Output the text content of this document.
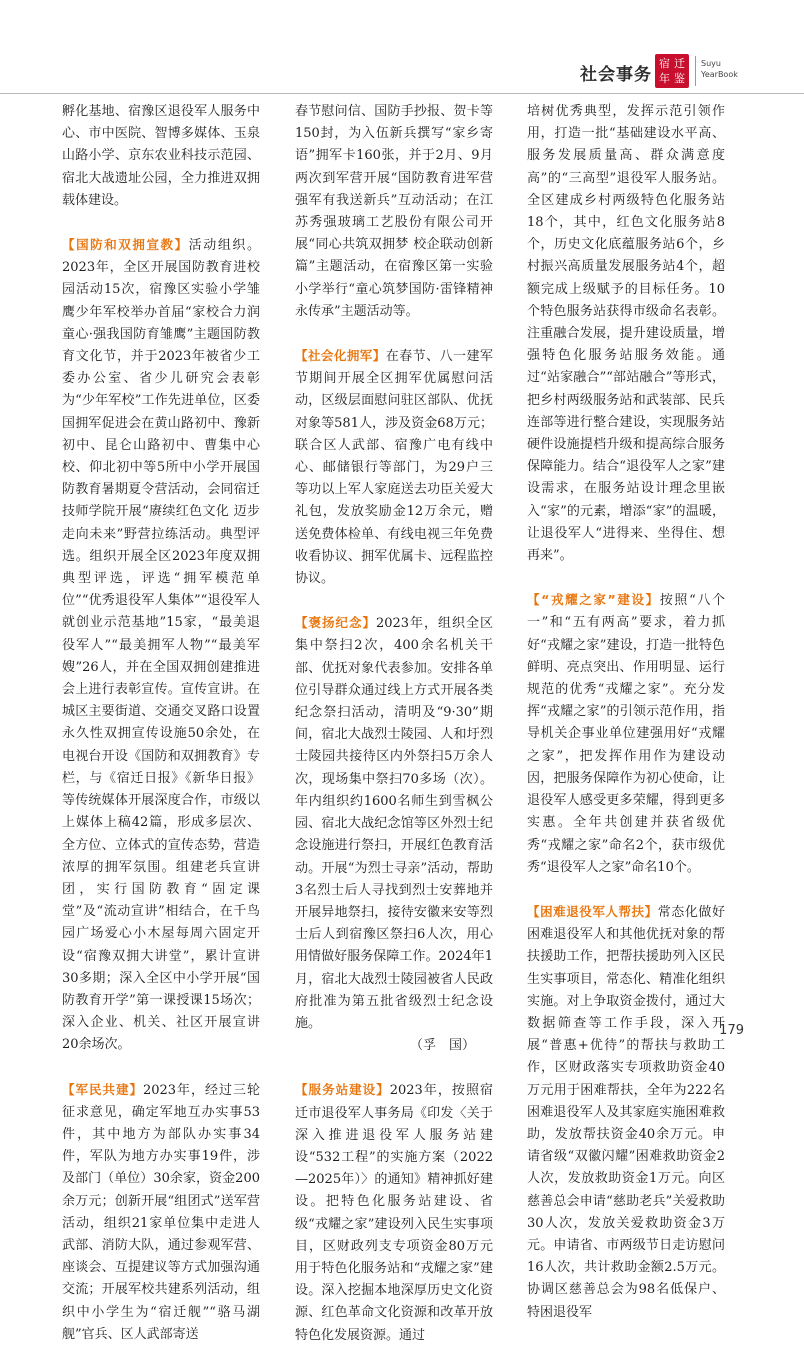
社会事务
宿 迁
年 鉴
Suyu
YearBook

孵化基地、宿豫区退役军人服务中心、市中医院、智博多媒体、玉泉山路小学、京东农业科技示范园、宿北大战遗址公园，全力推进双拥载体建设。

【国防和双拥宣教】活动组织。2023年，全区开展国防教育进校园活动15次，宿豫区实验小学雏鹰少年军校举办首届“家校合力润童心·强我国防育雏鹰”主题国防教育文化节，并于2023年被省少工委办公室、省少儿研究会表彰为“少年军校”工作先进单位，区委国拥军促进会在黄山路初中、豫新初中、昆仑山路初中、曹集中心校、仰北初中等5所中小学开展国防教育暑期夏令营活动，会同宿迁技师学院开展“赓续红色文化 迈步走向未来”野营拉练活动。典型评选。组织开展全区2023年度双拥典型评选，评选“拥军模范单位”“优秀退役军人集体”“退役军人就创业示范基地”15家，“最美退役军人”“最美拥军人物”“最美军嫂”26人，并在全国双拥创建推进会上进行表彰宣传。宣传宣讲。在城区主要街道、交通交叉路口设置永久性双拥宣传设施50余处，在电视台开设《国防和双拥教育》专栏，与《宿迁日报》《新华日报》等传统媒体开展深度合作，市级以上媒体上稿42篇，形成多层次、全方位、立体式的宣传态势，营造浓厚的拥军氛围。组建老兵宣讲团，实行国防教育“固定课堂”及“流动宣讲”相结合，在千鸟园广场爱心小木屋每周六固定开设“宿豫双拥大讲堂”，累计宣讲30多期；深入全区中小学开展“国防教育开学”第一课授课15场次；深入企业、机关、社区开展宣讲20余场次。

【军民共建】2023年，经过三轮征求意见，确定军地互办实事53件，其中地方为部队办实事34件，军队为地方办实事19件，涉及部门（单位）30余家，资金200余万元；创新开展“组团式”送军营活动，组织21家单位集中走进人武部、消防大队，通过参观军营、座谈会、互提建议等方式加强沟通交流；开展军校共建系列活动，组织中小学生为“宿迁舰”“骆马湖舰”官兵、区人武部寄送

春节慰问信、国防手抄报、贺卡等150封，为入伍新兵撰写“家乡寄语”拥军卡160张，并于2月、9月两次到军营开展“国防教育进军营 强军有我送新兵”互动活动；在江苏秀强玻璃工艺股份有限公司开展“同心共筑双拥梦 校企联动创新篇”主题活动，在宿豫区第一实验小学举行“童心筑梦国防·雷锋精神永传承”主题活动等。

【社会化拥军】在春节、八一建军节期间开展全区拥军优属慰问活动，区级层面慰问驻区部队、优抚对象等581人，涉及资金68万元；联合区人武部、宿豫广电有线中心、邮储银行等部门，为29户三等功以上军人家庭送去功臣关爱大礼包，发放奖励金12万余元，赠送免费体检单、有线电视三年免费收看协议、拥军优属卡、远程监控协议。

【褒扬纪念】2023年，组织全区集中祭扫2次，400余名机关干部、优抚对象代表参加。安排各单位引导群众通过线上方式开展各类纪念祭扫活动，清明及“9·30”期间，宿北大战烈士陵园、人和圩烈士陵园共接待区内外祭扫5万余人次，现场集中祭扫70多场（次）。年内组织约1600名师生到雪枫公园、宿北大战纪念馆等区外烈士纪念设施进行祭扫，开展红色教育活动。开展“为烈士寻亲”活动，帮助3名烈士后人寻找到烈士安葬地并开展异地祭扫，接待安徽来安等烈士后人到宿豫区祭扫6人次，用心用情做好服务保障工作。2024年1月，宿北大战烈士陵园被省人民政府批准为第五批省级烈士纪念设施。

（孚　国）

【服务站建设】2023年，按照宿迁市退役军人事务局《印发〈关于深入推进退役军人服务站建设“532工程”的实施方案（2022—2025年）〉的通知》精神抓好建设。把特色化服务站建设、省级“戎耀之家”建设列入民生实事项目，区财政列支专项资金80万元用于特色化服务站和“戎耀之家”建设。深入挖掘本地深厚历史文化资源、红色革命文化资源和改革开放特色化发展资源。通过

培树优秀典型，发挥示范引领作用，打造一批“基础建设水平高、服务发展质量高、群众满意度高”的“三高型”退役军人服务站。全区建成乡村两级特色化服务站18个，其中，红色文化服务站8个，历史文化底蕴服务站6个，乡村振兴高质量发展服务站4个，超额完成上级赋予的目标任务。10个特色服务站获得市级命名表彰。注重融合发展，提升建设质量，增强特色化服务站服务效能。通过“站家融合”“部站融合”等形式，把乡村两级服务站和武装部、民兵连部等进行整合建设，实现服务站硬件设施提档升级和提高综合服务保障能力。结合“退役军人之家”建设需求，在服务站设计理念里嵌入“家”的元素，增添“家”的温暖，让退役军人“进得来、坐得住、想再来”。

【“戎耀之家”建设】按照“八个一”和“五有两高”要求，着力抓好“戎耀之家”建设，打造一批特色鲜明、亮点突出、作用明显、运行规范的优秀“戎耀之家”。充分发挥“戎耀之家”的引领示范作用，指导机关企事业单位建强用好“戎耀之家”，把发挥作用作为建设动因，把服务保障作为初心使命，让退役军人感受更多荣耀，得到更多实惠。全年共创建并获省级优秀“戎耀之家”命名2个，获市级优秀“退役军人之家”命名10个。

【困难退役军人帮扶】常态化做好困难退役军人和其他优抚对象的帮扶援助工作，把帮扶援助列入区民生实事项目，常态化、精准化组织实施。对上争取资金拨付，通过大数据筛查等工作手段，深入开展“普惠+优待”的帮扶与救助工作，区财政落实专项救助资金40万元用于困难帮扶，全年为222名困难退役军人及其家庭实施困难救助，发放帮扶资金40余万元。申请省级“双徽闪耀”困难救助资金2人次，发放救助资金1万元。向区慈善总会申请“慈助老兵”关爱救助30人次，发放关爱救助资金3万元。申请省、市两级节日走访慰问16人次，共计救助金额2.5万元。协调区慈善总会为98名低保户、特困退役军

179
